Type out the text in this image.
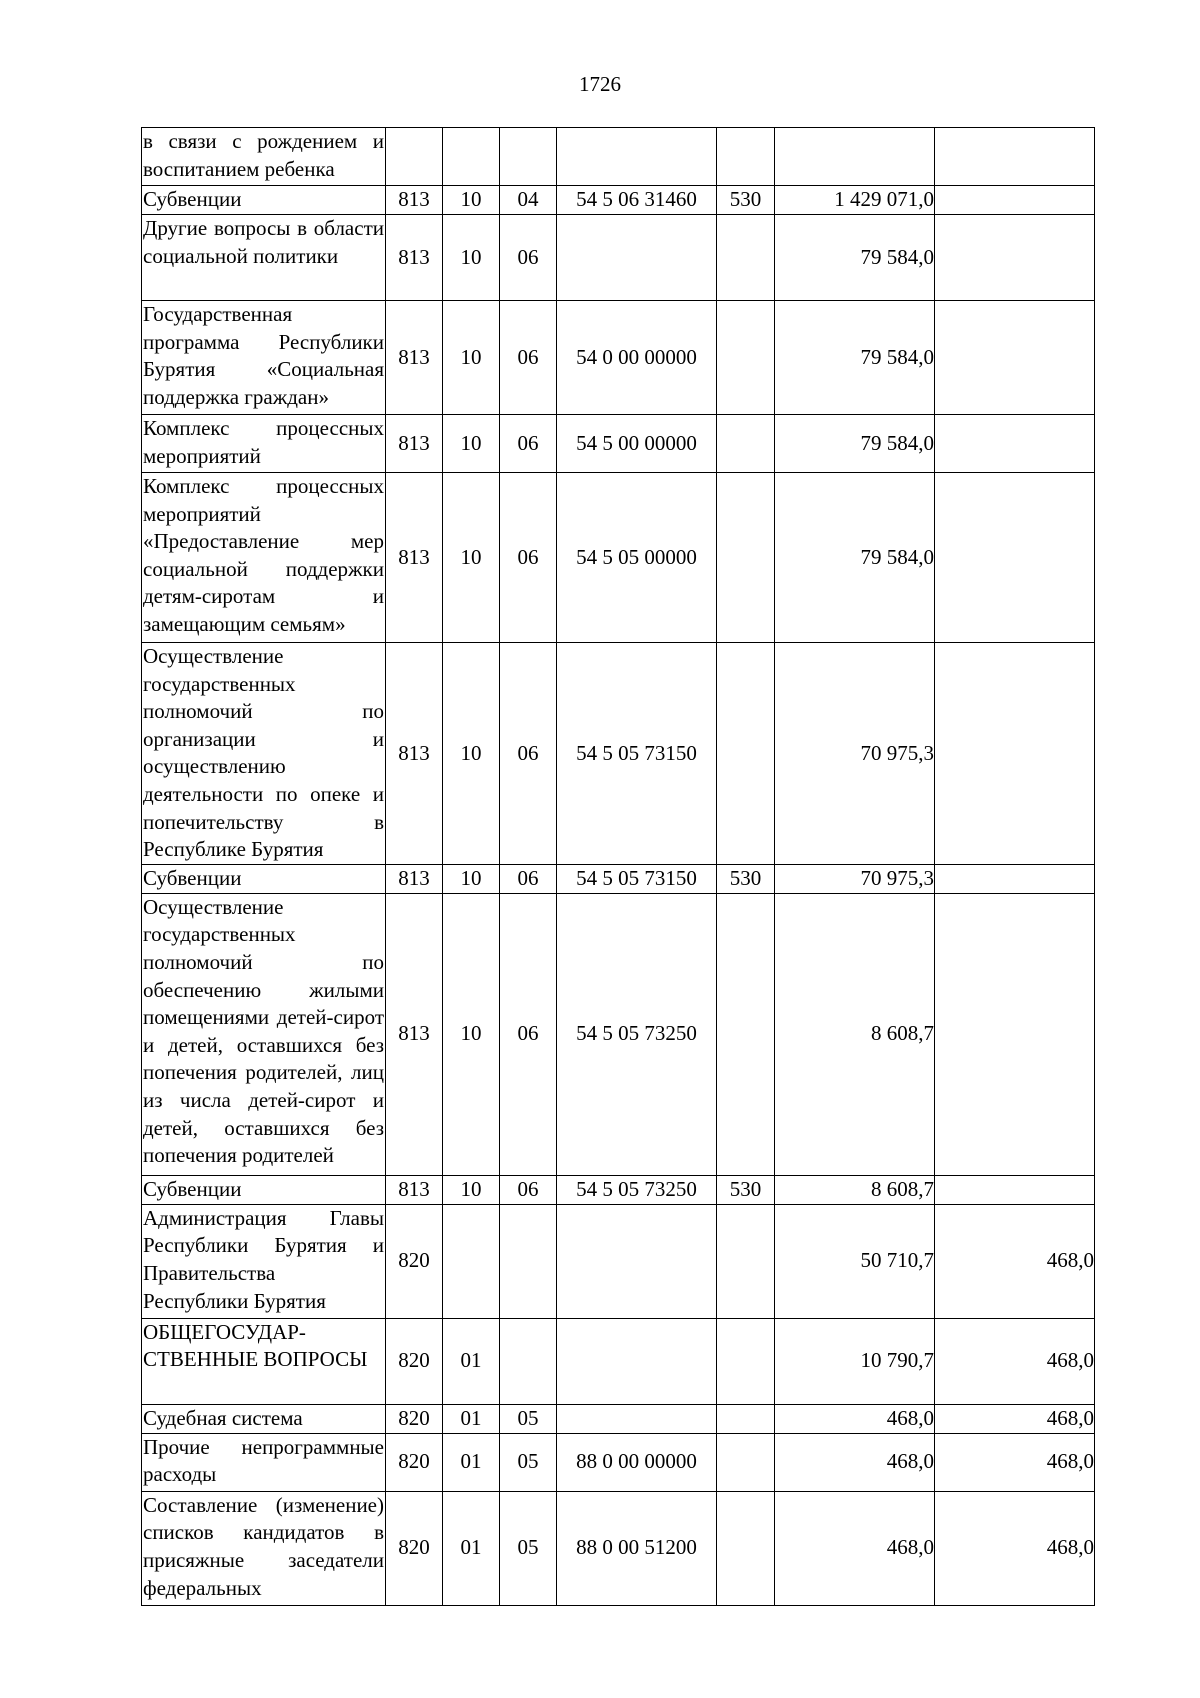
1726
в связи с рождением и воспитанием ребенка							
Субвенции	813	10	04	54 5 06 31460	530	1 429 071,0	
Другие вопросы в области социальной политики	813	10	06			79 584,0	
Государственная программа Республики Бурятия «Социальная поддержка граждан»	813	10	06	54 0 00 00000		79 584,0	
Комплекс процессных мероприятий	813	10	06	54 5 00 00000		79 584,0	
Комплекс процессных мероприятий «Предоставление мер социальной поддержки детям-сиротам и замещающим семьям»	813	10	06	54 5 05 00000		79 584,0	
Осуществление государственных полномочий по организации и осуществлению деятельности по опеке и попечительству в Республике Бурятия	813	10	06	54 5 05 73150		70 975,3	
Субвенции	813	10	06	54 5 05 73150	530	70 975,3	
Осуществление государственных полномочий по обеспечению жилыми помещениями детей-сирот и детей, оставшихся без попечения родителей, лиц из числа детей-сирот и детей, оставшихся без попечения родителей	813	10	06	54 5 05 73250		8 608,7	
Субвенции	813	10	06	54 5 05 73250	530	8 608,7	
Администрация Главы Республики Бурятия и Правительства Республики Бурятия	820					50 710,7	468,0
ОБЩЕГОСУДАРСТВЕННЫЕ ВОПРОСЫ	820	01				10 790,7	468,0
Судебная система	820	01	05			468,0	468,0
Прочие непрограммные расходы	820	01	05	88 0 00 00000		468,0	468,0
Составление (изменение) списков кандидатов в присяжные заседатели федеральных	820	01	05	88 0 00 51200		468,0	468,0
